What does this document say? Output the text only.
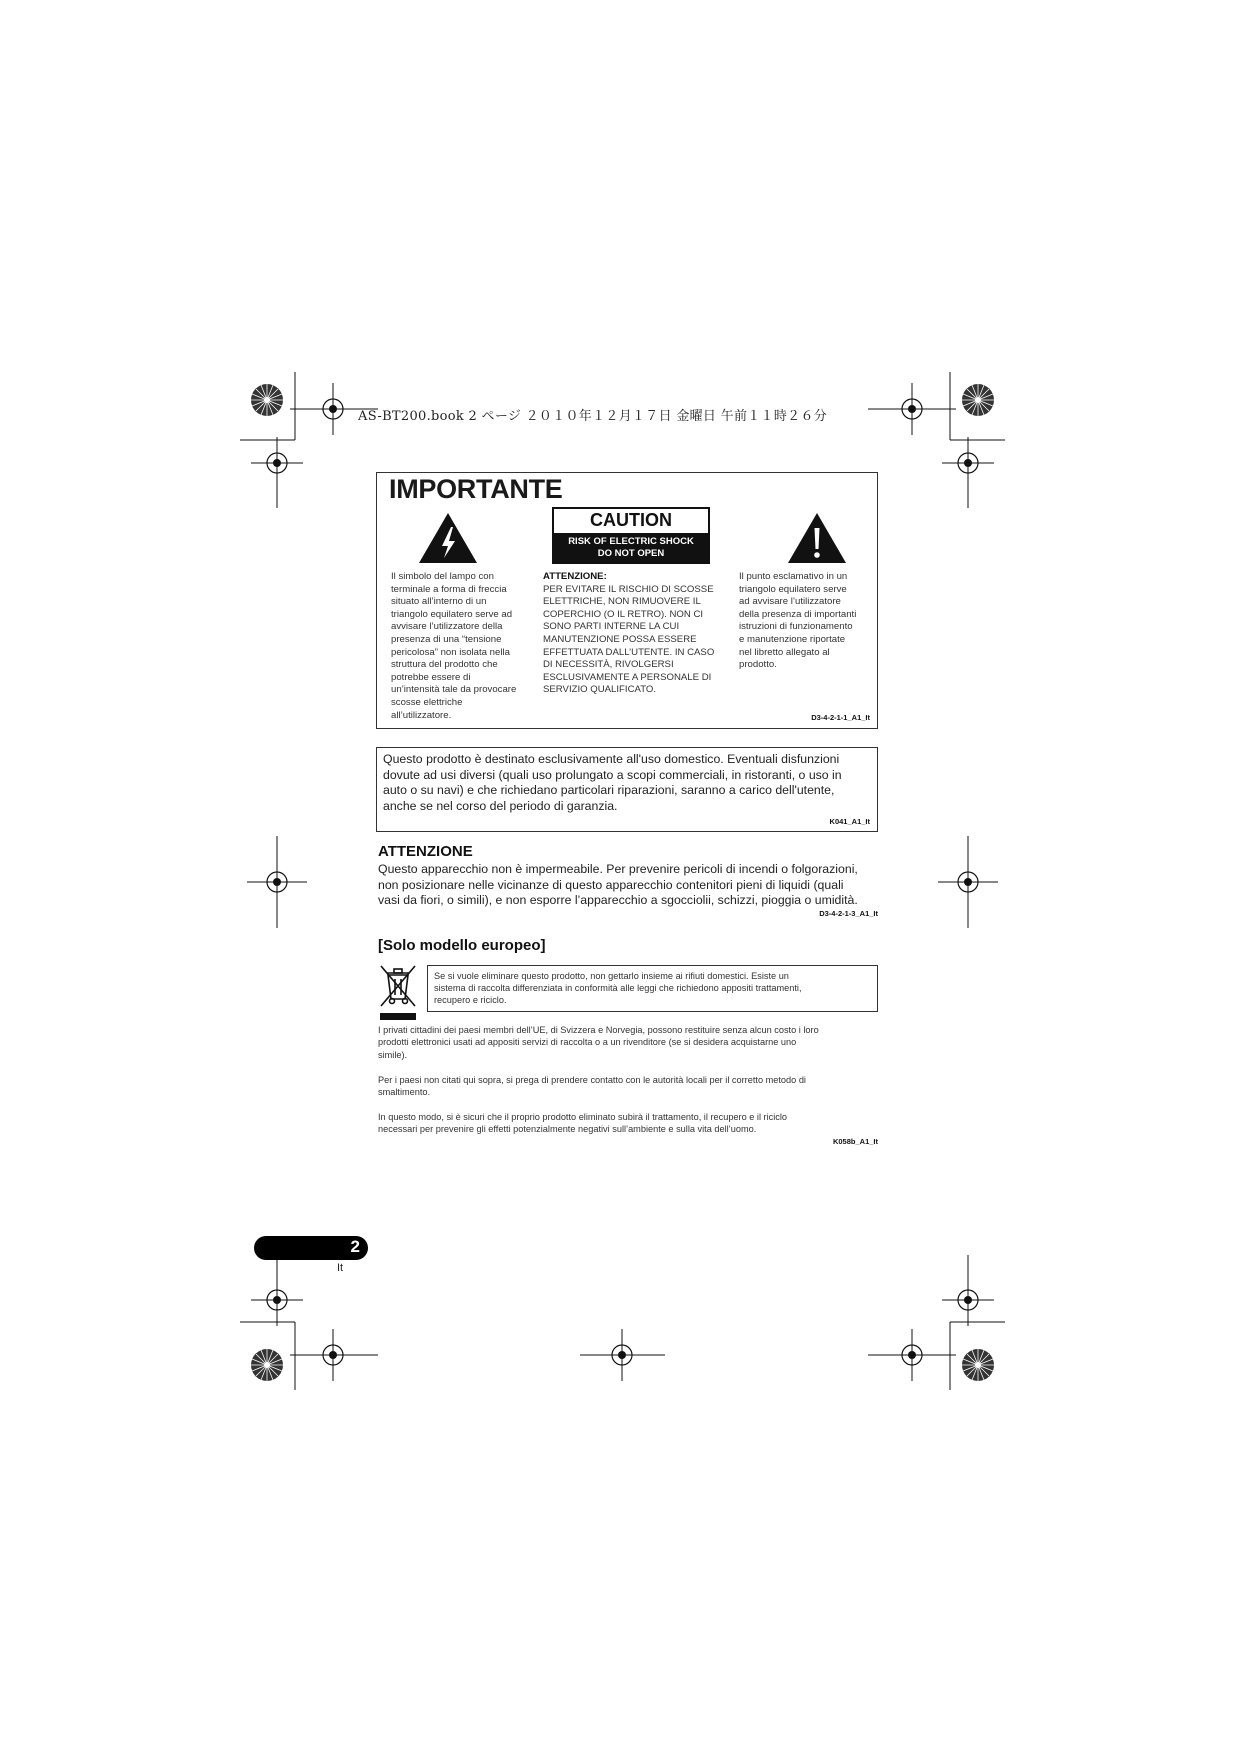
AS-BT200.book 2 ページ ２０１０年１２月１７日 金曜日 午前１１時２６分
IMPORTANTE
CAUTION
RISK OF ELECTRIC SHOCK
DO NOT OPEN
Il simbolo del lampo con
terminale a forma di freccia
situato all’interno di un
triangolo equilatero serve ad
avvisare l’utilizzatore della
presenza di una “tensione
pericolosa” non isolata nella
struttura del prodotto che
potrebbe essere di
un’intensità tale da provocare
scosse elettriche
all’utilizzatore.
ATTENZIONE:
PER EVITARE IL RISCHIO DI SCOSSE
ELETTRICHE, NON RIMUOVERE IL
COPERCHIO (O IL RETRO). NON CI
SONO PARTI INTERNE LA CUI
MANUTENZIONE POSSA ESSERE
EFFETTUATA DALL’UTENTE. IN CASO
DI NECESSITÀ, RIVOLGERSI
ESCLUSIVAMENTE A PERSONALE DI
SERVIZIO QUALIFICATO.
Il punto esclamativo in un
triangolo equilatero serve
ad avvisare l’utilizzatore
della presenza di importanti
istruzioni di funzionamento
e manutenzione riportate
nel libretto allegato al
prodotto.
D3-4-2-1-1_A1_It
Questo prodotto è destinato esclusivamente all'uso domestico. Eventuali disfunzioni
dovute ad usi diversi (quali uso prolungato a scopi commerciali, in ristoranti, o uso in
auto o su navi) e che richiedano particolari riparazioni, saranno a carico dell'utente,
anche se nel corso del periodo di garanzia.
K041_A1_It
ATTENZIONE
Questo apparecchio non è impermeabile. Per prevenire pericoli di incendi o folgorazioni,
non posizionare nelle vicinanze di questo apparecchio contenitori pieni di liquidi (quali
vasi da fiori, o simili), e non esporre l’apparecchio a sgocciolii, schizzi, pioggia o umidità.
D3-4-2-1-3_A1_It
[Solo modello europeo]
Se si vuole eliminare questo prodotto, non gettarlo insieme ai rifiuti domestici. Esiste un
sistema di raccolta differenziata in conformità alle leggi che richiedono appositi trattamenti,
recupero e riciclo.
I privati cittadini dei paesi membri dell’UE, di Svizzera e Norvegia, possono restituire senza alcun costo i loro
prodotti elettronici usati ad appositi servizi di raccolta o a un rivenditore (se si desidera acquistarne uno
simile).
Per i paesi non citati qui sopra, si prega di prendere contatto con le autorità locali per il corretto metodo di
smaltimento.
In questo modo, si è sicuri che il proprio prodotto eliminato subirà il trattamento, il recupero e il riciclo
necessari per prevenire gli effetti potenzialmente negativi sull’ambiente e sulla vita dell’uomo.
K058b_A1_It
2
It
